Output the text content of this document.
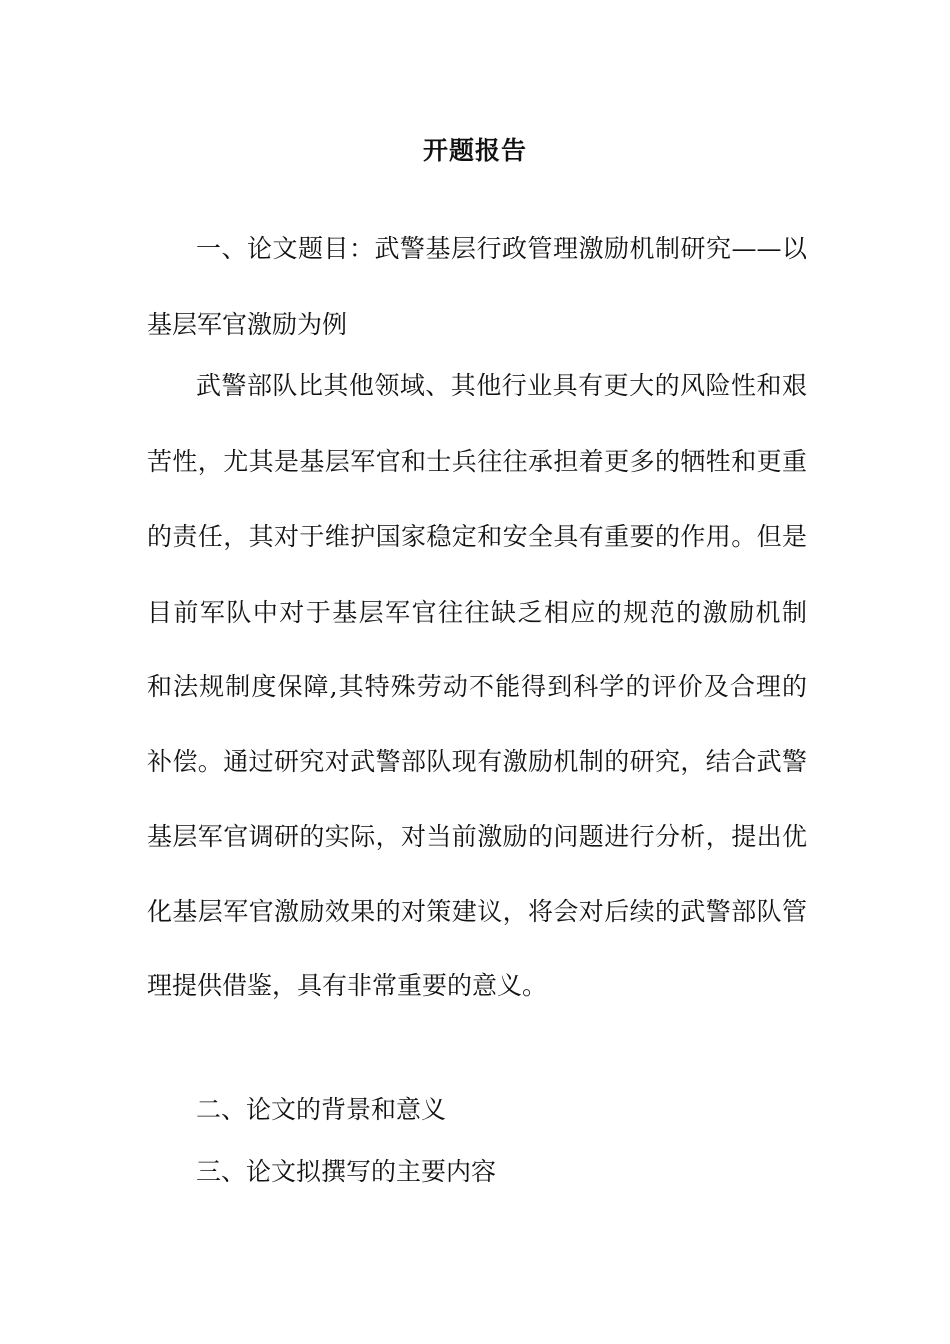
开题报告
一、论文题目：武警基层行政管理激励机制研究——以
基层军官激励为例
武警部队比其他领域、其他行业具有更大的风险性和艰
苦性，尤其是基层军官和士兵往往承担着更多的牺牲和更重
的责任，其对于维护国家稳定和安全具有重要的作用。但是
目前军队中对于基层军官往往缺乏相应的规范的激励机制
和法规制度保障,其特殊劳动不能得到科学的评价及合理的
补偿。通过研究对武警部队现有激励机制的研究，结合武警
基层军官调研的实际，对当前激励的问题进行分析，提出优
化基层军官激励效果的对策建议，将会对后续的武警部队管
理提供借鉴，具有非常重要的意义。
二、论文的背景和意义
三、论文拟撰写的主要内容
